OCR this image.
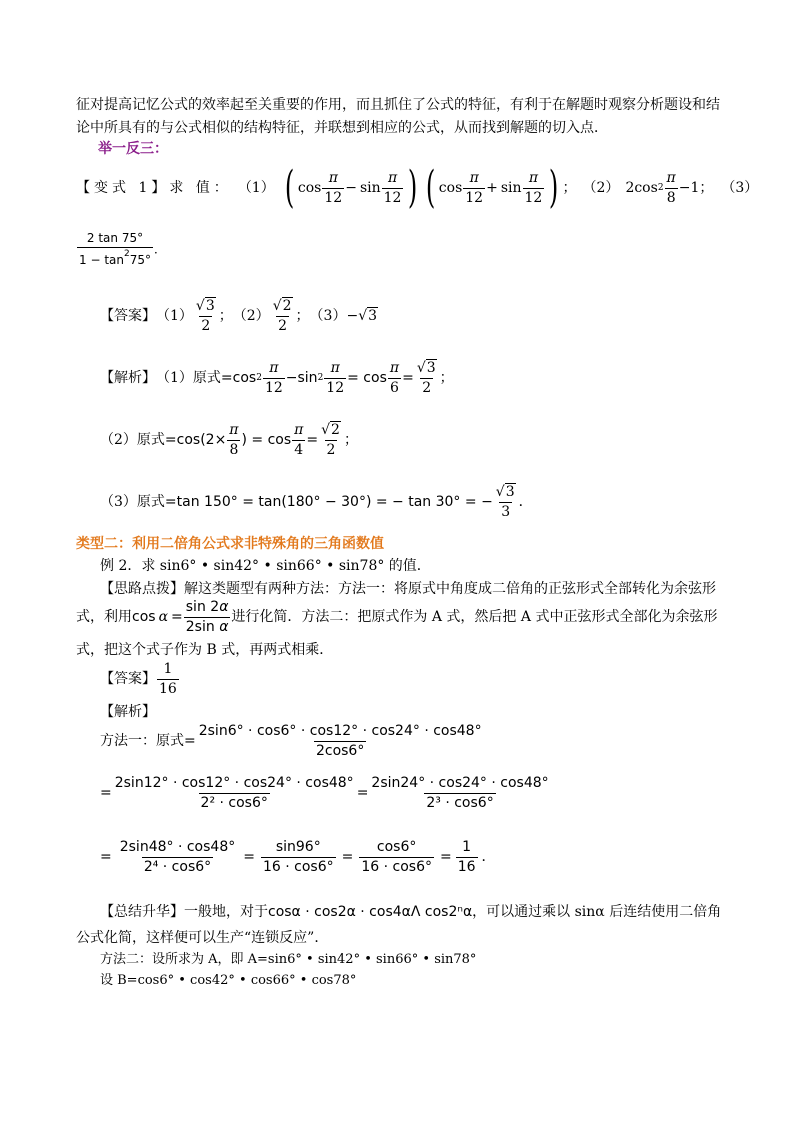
征对提高记忆公式的效率起至关重要的作用，而且抓住了公式的特征，有利于在解题时观察分析题设和结
论中所具有的与公式相似的结构特征，并联想到相应的公式，从而找到解题的切入点．
举一反三：
【变式 1】求 值： （1） ( $\cos \frac{\pi}{12} - \sin \frac{\pi}{12}$ ) ( $\cos \frac{\pi}{12} + \sin \frac{\pi}{12}$ ) ； （2） 2cos $2 \frac{\pi}{8} -1$； （3）
$\frac{2 \tan 75^\circ}{1 - \tan^275^\circ}$ ．
【答案】 $(1) \frac{√3}{2}$ ； $(2) \frac{√2}{2}$ ； （3） − √3
【解析】 （1）原式= $\cos 2 \frac{\pi}{12} -\sin$ $2 \frac{\pi}{12} = \cos \frac{\pi}{6} = \frac{√3}{2}$ ；
（2）原式= $\cos(2\times \frac{\pi}{8}$ ) = $\cos \frac{\pi}{4} = \frac{√2}{2}$ ；
（3）原式= tan 150° = tan(180° − 30°) = − tan 30° = − $\frac{√3}{3}$ ．
类型二：利用二倍角公式求非特殊角的三角函数值
例 2．求 sin6° • sin42° • sin66° • sin78° 的值．
【思路点拨】解这类题型有两种方法：方法一：将原式中角度成二倍角的正弦形式全部转化为余弦形
式，利用 $\cos \alpha = \frac{\sin 2\alpha}{\text{2sin α}}$ 进行化简．方法二：把原式作为 A 式，然后把 A 式中正弦形式全部化为余弦形
式，把这个式子作为 B 式，再两式相乘．
【答案】 $\frac{1}{16}$
【解析】
方法一：原式= $\frac{2\sin 6^\circ \cdot \cos 6^\circ \cdot \cos 12^\circ \cdot \cos 24^\circ \cdot \cos 48^\circ}{2\cos 6^\circ}$
= $\frac{2\sin 12^\circ \cdot \cos 12^\circ \cdot \cos 24^\circ \cdot \cos 48^\circ}{\text{2² · cos6°}} = \frac{2\sin 24^\circ \cdot \cos 24^\circ \cdot \cos 48^\circ}{\text{2³ · cos6°}}$
= $\frac{2\sin 48^\circ \cdot \cos 48^\circ}{\text{2⁴ · cos6°}} = \frac{\sin 96^\circ}{16 \cdot \cos 6^\circ} = \frac{\cos 6^\circ}{16 \cdot \cos 6^\circ} = \frac{1}{16}$ ．
【总结升华】一般地，对于cosα · cos2α · cos4αΛ cos2ⁿα，可以通过乘以 sinα 后连结使用二倍角
公式化简，这样便可以生产“连锁反应”．
方法二：设所求为 A，即 A=sin6° • sin42° • sin66° • sin78°
设 B=cos6° • cos42° • cos66° • cos78°
